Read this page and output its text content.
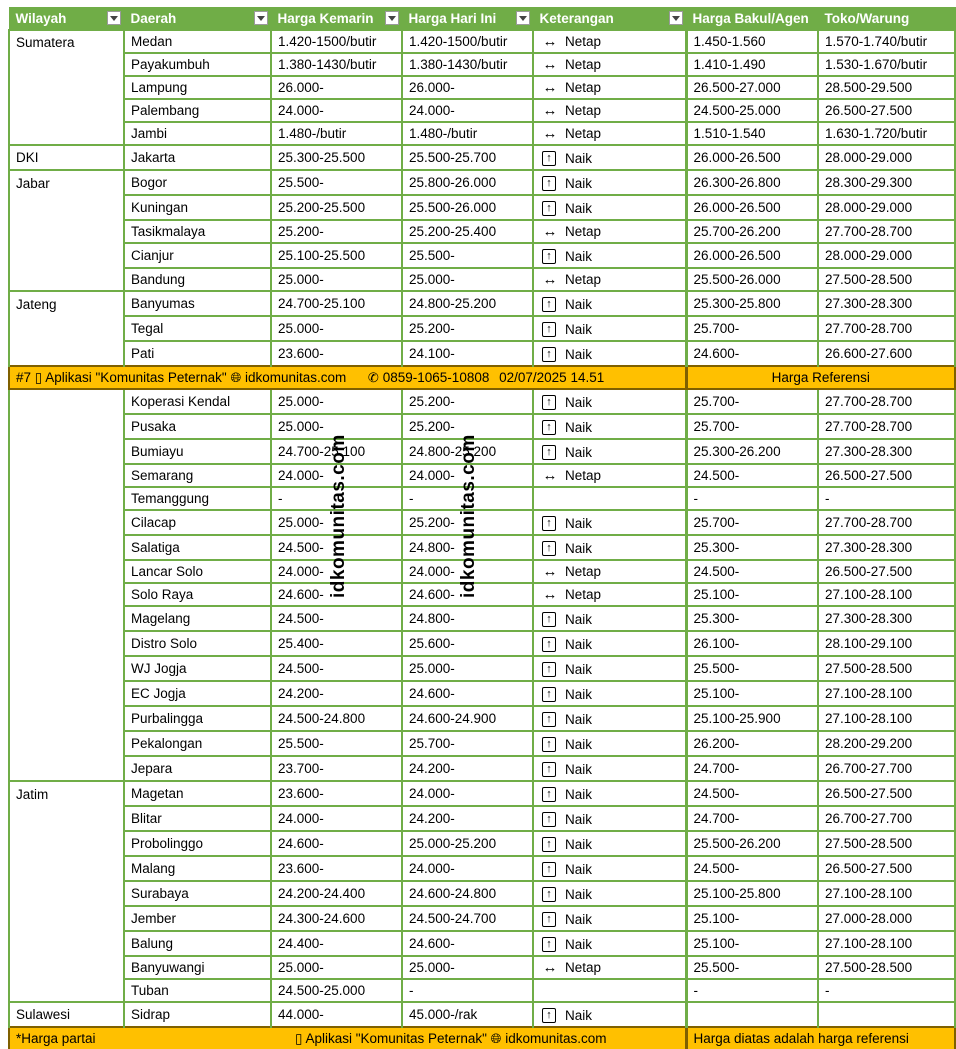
Wilayah	Daerah	Harga Kemarin	Harga Hari Ini	Keterangan	Harga Bakul/Agen	Toko/Warung
Sumatera	Medan	1.420-1500/butir	1.420-1500/butir	↔ Netap	1.450-1.560	1.570-1.740/butir
	Payakumbuh	1.380-1430/butir	1.380-1430/butir	↔ Netap	1.410-1.490	1.530-1.670/butir
	Lampung	26.000-	26.000-	↔ Netap	26.500-27.000	28.500-29.500
	Palembang	24.000-	24.000-	↔ Netap	24.500-25.000	26.500-27.500
	Jambi	1.480-/butir	1.480-/butir	↔ Netap	1.510-1.540	1.630-1.720/butir
DKI	Jakarta	25.300-25.500	25.500-25.700	↑ Naik	26.000-26.500	28.000-29.000
Jabar	Bogor	25.500-	25.800-26.000	↑ Naik	26.300-26.800	28.300-29.300
	Kuningan	25.200-25.500	25.500-26.000	↑ Naik	26.000-26.500	28.000-29.000
	Tasikmalaya	25.200-	25.200-25.400	↔ Netap	25.700-26.200	27.700-28.700
	Cianjur	25.100-25.500	25.500-	↑ Naik	26.000-26.500	28.000-29.000
	Bandung	25.000-	25.000-	↔ Netap	25.500-26.000	27.500-28.500
Jateng	Banyumas	24.700-25.100	24.800-25.200	↑ Naik	25.300-25.800	27.300-28.300
	Tegal	25.000-	25.200-	↑ Naik	25.700-	27.700-28.700
	Pati	23.600-	24.100-	↑ Naik	24.600-	26.600-27.600
#7 ▯ Aplikasi "Komunitas Peternak" 🌐︎ idkomunitas.com ✆ 0859-1065-10808 02/07/2025 14.51					Harga Referensi	
	Koperasi Kendal	25.000-	25.200-	↑ Naik	25.700-	27.700-28.700
	Pusaka	25.000-	25.200-	↑ Naik	25.700-	27.700-28.700
	Bumiayu	24.700-25.100	24.800-25.200	↑ Naik	25.300-26.200	27.300-28.300
	Semarang	24.000-	24.000-	↔ Netap	24.500-	26.500-27.500
	Temanggung	-	-		-	-
	Cilacap	25.000-	25.200-	↑ Naik	25.700-	27.700-28.700
	Salatiga	24.500-	24.800-	↑ Naik	25.300-	27.300-28.300
	Lancar Solo	24.000-	24.000-	↔ Netap	24.500-	26.500-27.500
	Solo Raya	24.600-	24.600-	↔ Netap	25.100-	27.100-28.100
	Magelang	24.500-	24.800-	↑ Naik	25.300-	27.300-28.300
	Distro Solo	25.400-	25.600-	↑ Naik	26.100-	28.100-29.100
	WJ Jogja	24.500-	25.000-	↑ Naik	25.500-	27.500-28.500
	EC Jogja	24.200-	24.600-	↑ Naik	25.100-	27.100-28.100
	Purbalingga	24.500-24.800	24.600-24.900	↑ Naik	25.100-25.900	27.100-28.100
	Pekalongan	25.500-	25.700-	↑ Naik	26.200-	28.200-29.200
	Jepara	23.700-	24.200-	↑ Naik	24.700-	26.700-27.700
Jatim	Magetan	23.600-	24.000-	↑ Naik	24.500-	26.500-27.500
	Blitar	24.000-	24.200-	↑ Naik	24.700-	26.700-27.700
	Probolinggo	24.600-	25.000-25.200	↑ Naik	25.500-26.200	27.500-28.500
	Malang	23.600-	24.000-	↑ Naik	24.500-	26.500-27.500
	Surabaya	24.200-24.400	24.600-24.800	↑ Naik	25.100-25.800	27.100-28.100
	Jember	24.300-24.600	24.500-24.700	↑ Naik	25.100-	27.000-28.000
	Balung	24.400-	24.600-	↑ Naik	25.100-	27.100-28.100
	Banyuwangi	25.000-	25.000-	↔ Netap	25.500-	27.500-28.500
	Tuban	24.500-25.000	-		-	-
Sulawesi	Sidrap	44.000-	45.000-/rak	↑ Naik		

*Harga partai		▯ Aplikasi "Komunitas Peternak" 🌐︎ idkomunitas.com			Harga diatas adalah harga referensi	
idkomunitas.com	idkomunitas.com
